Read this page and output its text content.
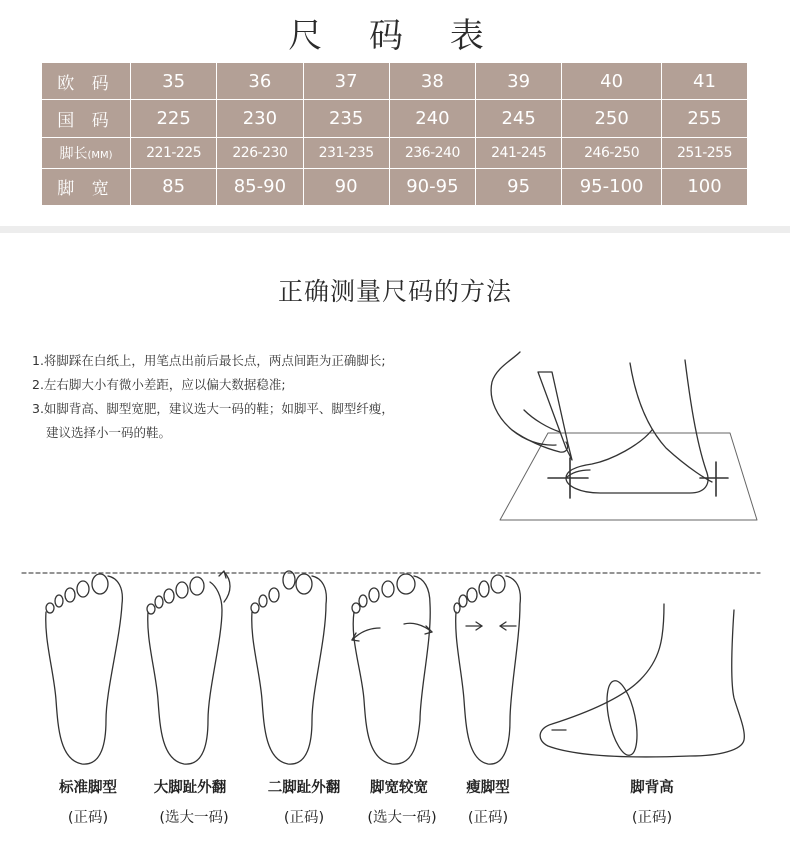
尺 码 表
欧 码	35	36	37	38	39	40	41
国 码	225	230	235	240	245	250	255
脚长(MM)	221-225	226-230	231-235	236-240	241-245	246-250	251-255
脚 宽	85	85-90	90	90-95	95	95-100	100
正确测量尺码的方法
1.将脚踩在白纸上，用笔点出前后最长点，两点间距为正确脚长;
2.左右脚大小有微小差距，应以偏大数据稳准;
3.如脚背高、脚型宽肥，建议选大一码的鞋；如脚平、脚型纤瘦，
建议选择小一码的鞋。
标准脚型
(正码)
大脚趾外翻
(选大一码)
二脚趾外翻
(正码)
脚宽较宽
(选大一码)
瘦脚型
(正码)
脚背高
(正码)
